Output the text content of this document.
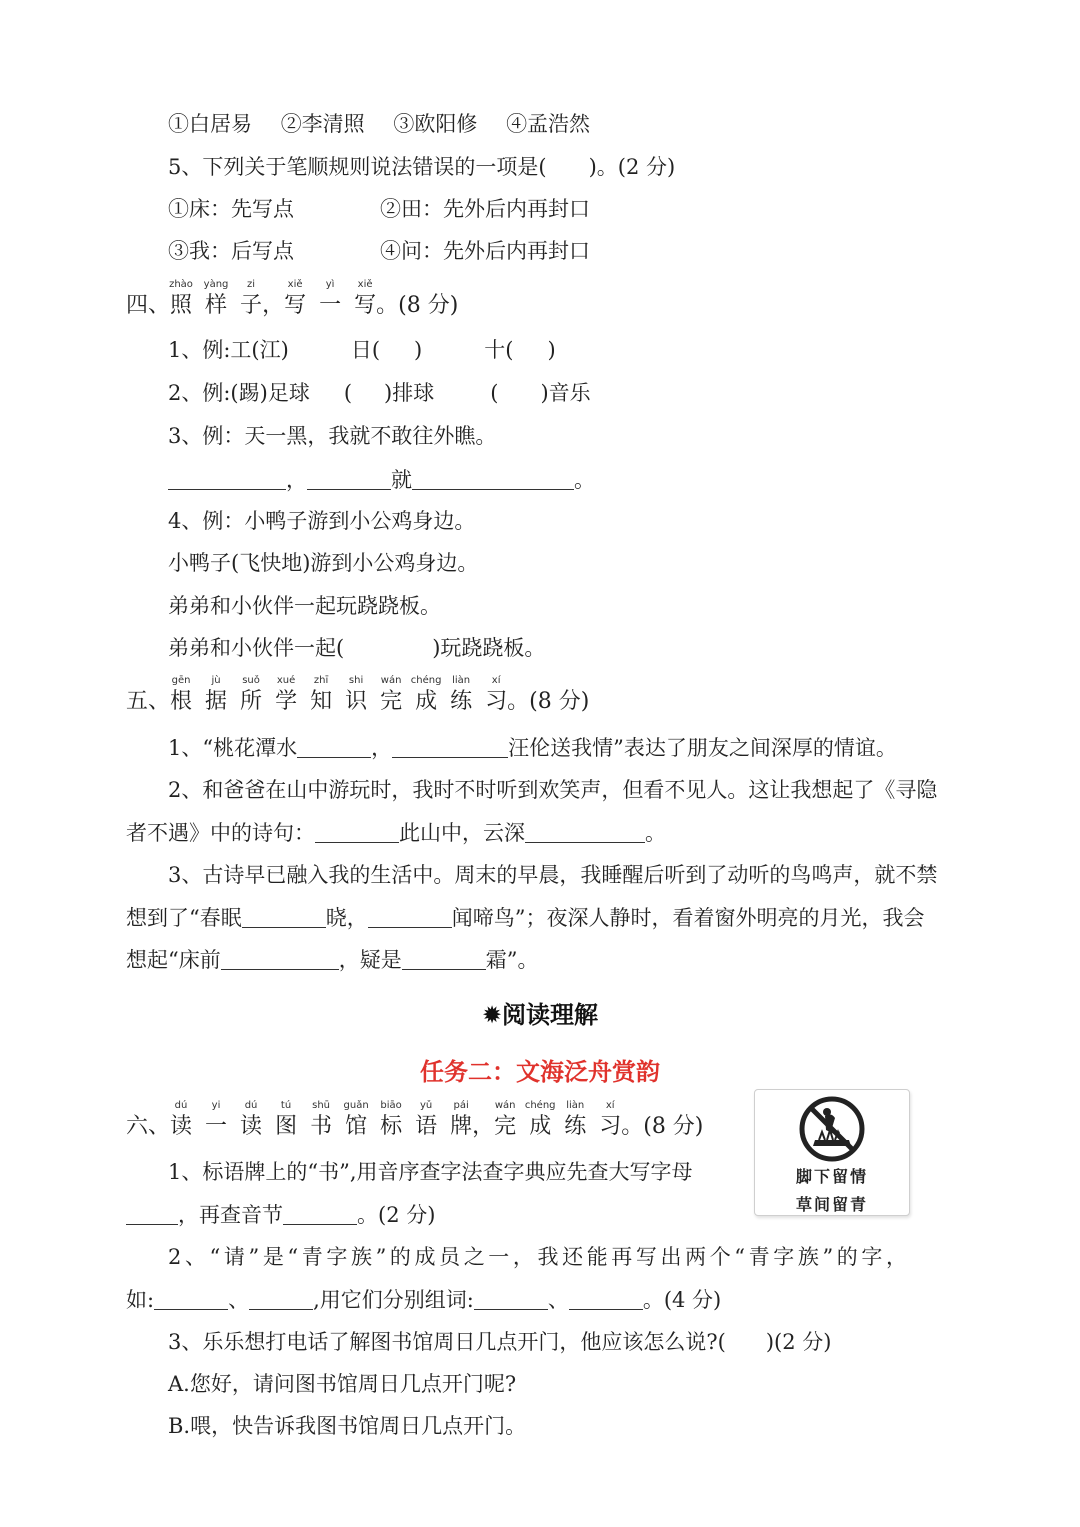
①白居易 ②李清照 ③欧阳修 ④孟浩然
5、下列关于笔顺规则说法错误的一项是( )。(2 分)
①床：先写点	②田：先外后内再封口
③我：后写点	④问：先外后内再封口
四、
zhào
照
yàng
样
zi
子，
xiě
写
yì
一
xiě
写。(8 分)
1、例:工(江)	日( )	十( )
2、例:(踢)足球 ( )排球	( )音乐
3、例：天一黑，我就不敢往外瞧。
，	就	。
4、例：小鸭子游到小公鸡身边。
小鸭子(飞快地)游到小公鸡身边。
弟弟和小伙伴一起玩跷跷板。
弟弟和小伙伴一起(	)玩跷跷板。
五、
gēn
根
jù
据
suǒ
所
xué
学
zhī
知
shi
识
wán
完
chéng
成
liàn
练
xí
习。(8 分)
1、“桃花潭水	，	汪伦送我情”表达了朋友之间深厚的情谊。
2、和爸爸在山中游玩时，我时不时听到欢笑声，但看不见人。这让我想起了《寻隐
者不遇》中的诗句：	此山中，云深	。
3、古诗早已融入我的生活中。周末的早晨，我睡醒后听到了动听的鸟鸣声，就不禁
想到了“春眠	晓，	闻啼鸟”；夜深人静时，看着窗外明亮的月光，我会
想起“床前	，疑是	霜”。
✹阅读理解
任务二：文海泛舟赏韵
六、
dú
读
yi
一
dú
读
tú
图
shū
书
guǎn
馆
biāo
标
yǔ
语
pái
牌，
wán
完
chéng
成
liàn
练
xí
习。(8 分)
脚下留情
草间留青
1、标语牌上的“书”,用音序查字法查字典应先查大写字母
，再查音节	。(2 分)
2、“请”是“青字族”的成员之一，我还能再写出两个“青字族”的字，
如:	、	,用它们分别组词:	、	。(4 分)
3、乐乐想打电话了解图书馆周日几点开门，他应该怎么说?( )(2 分)
A.您好，请问图书馆周日几点开门呢?
B.喂，快告诉我图书馆周日几点开门。
